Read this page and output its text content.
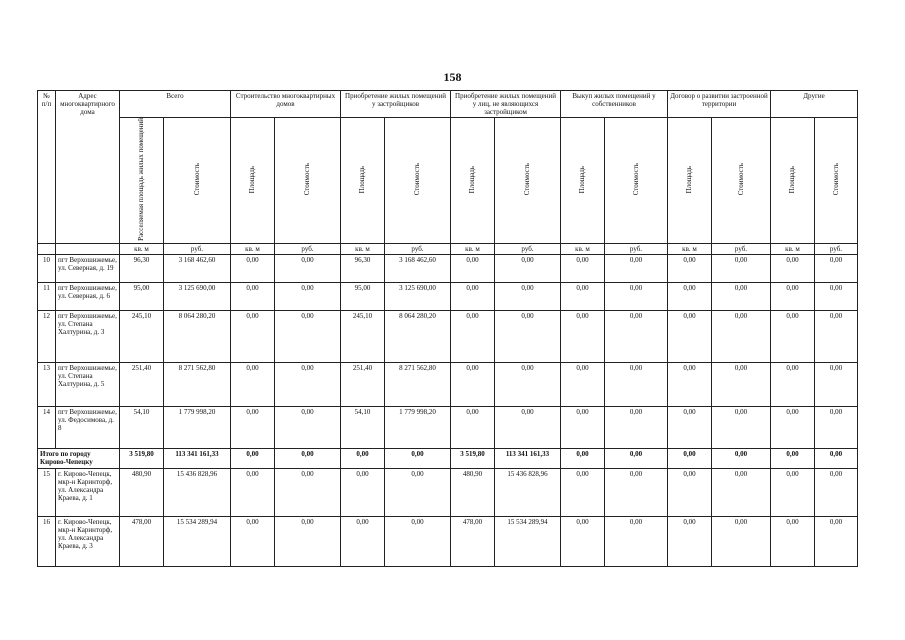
158
№ п/п	Адрес многоквартирного дома	Всего		Строительство многоквартирных домов		Приобретение жилых помещений у застройщиков		Приобретение жилых помещений у лиц, не являющихся застройщиком		Выкуп жилых помещений у собственников		Договор о развитии застроенной территории		Другие	
		Расселяемая площадь жилых помещений	Стоимость	Площадь	Стоимость	Площадь	Стоимость	Площадь	Стоимость	Площадь	Стоимость	Площадь	Стоимость	Площадь	Стоимость
		кв. м	руб.	кв. м	руб.	кв. м	руб.	кв. м	руб.	кв. м	руб.	кв. м	руб.	кв. м	руб.
10	пгт Верхошижемье, ул. Северная, д. 19	96,30	3 168 462,60	0,00	0,00	96,30	3 168 462,60	0,00	0,00	0,00	0,00	0,00	0,00	0,00	0,00
11	пгт Верхошижемье, ул. Северная, д. 6	95,00	3 125 690,00	0,00	0,00	95,00	3 125 690,00	0,00	0,00	0,00	0,00	0,00	0,00	0,00	0,00
12	пгт Верхошижемье, ул. Степана Халтурина, д. 3	245,10	8 064 280,20	0,00	0,00	245,10	8 064 280,20	0,00	0,00	0,00	0,00	0,00	0,00	0,00	0,00
13	пгт Верхошижемье, ул. Степана Халтурина, д. 5	251,40	8 271 562,80	0,00	0,00	251,40	8 271 562,80	0,00	0,00	0,00	0,00	0,00	0,00	0,00	0,00
14	пгт Верхошижемье, ул. Федосимова, д. 8	54,10	1 779 998,20	0,00	0,00	54,10	1 779 998,20	0,00	0,00	0,00	0,00	0,00	0,00	0,00	0,00
Итого по городу Кирово-Чепецку		3 519,80	113 341 161,33	0,00	0,00	0,00	0,00	3 519,80	113 341 161,33	0,00	0,00	0,00	0,00	0,00	0,00
15	г. Кирово-Чепецк, мкр-н Каринторф, ул. Александра Краева, д. 1	480,90	15 436 828,96	0,00	0,00	0,00	0,00	480,90	15 436 828,96	0,00	0,00	0,00	0,00	0,00	0,00
16	г. Кирово-Чепецк, мкр-н Каринторф, ул. Александра Краева, д. 3	478,00	15 534 289,94	0,00	0,00	0,00	0,00	478,00	15 534 289,94	0,00	0,00	0,00	0,00	0,00	0,00
